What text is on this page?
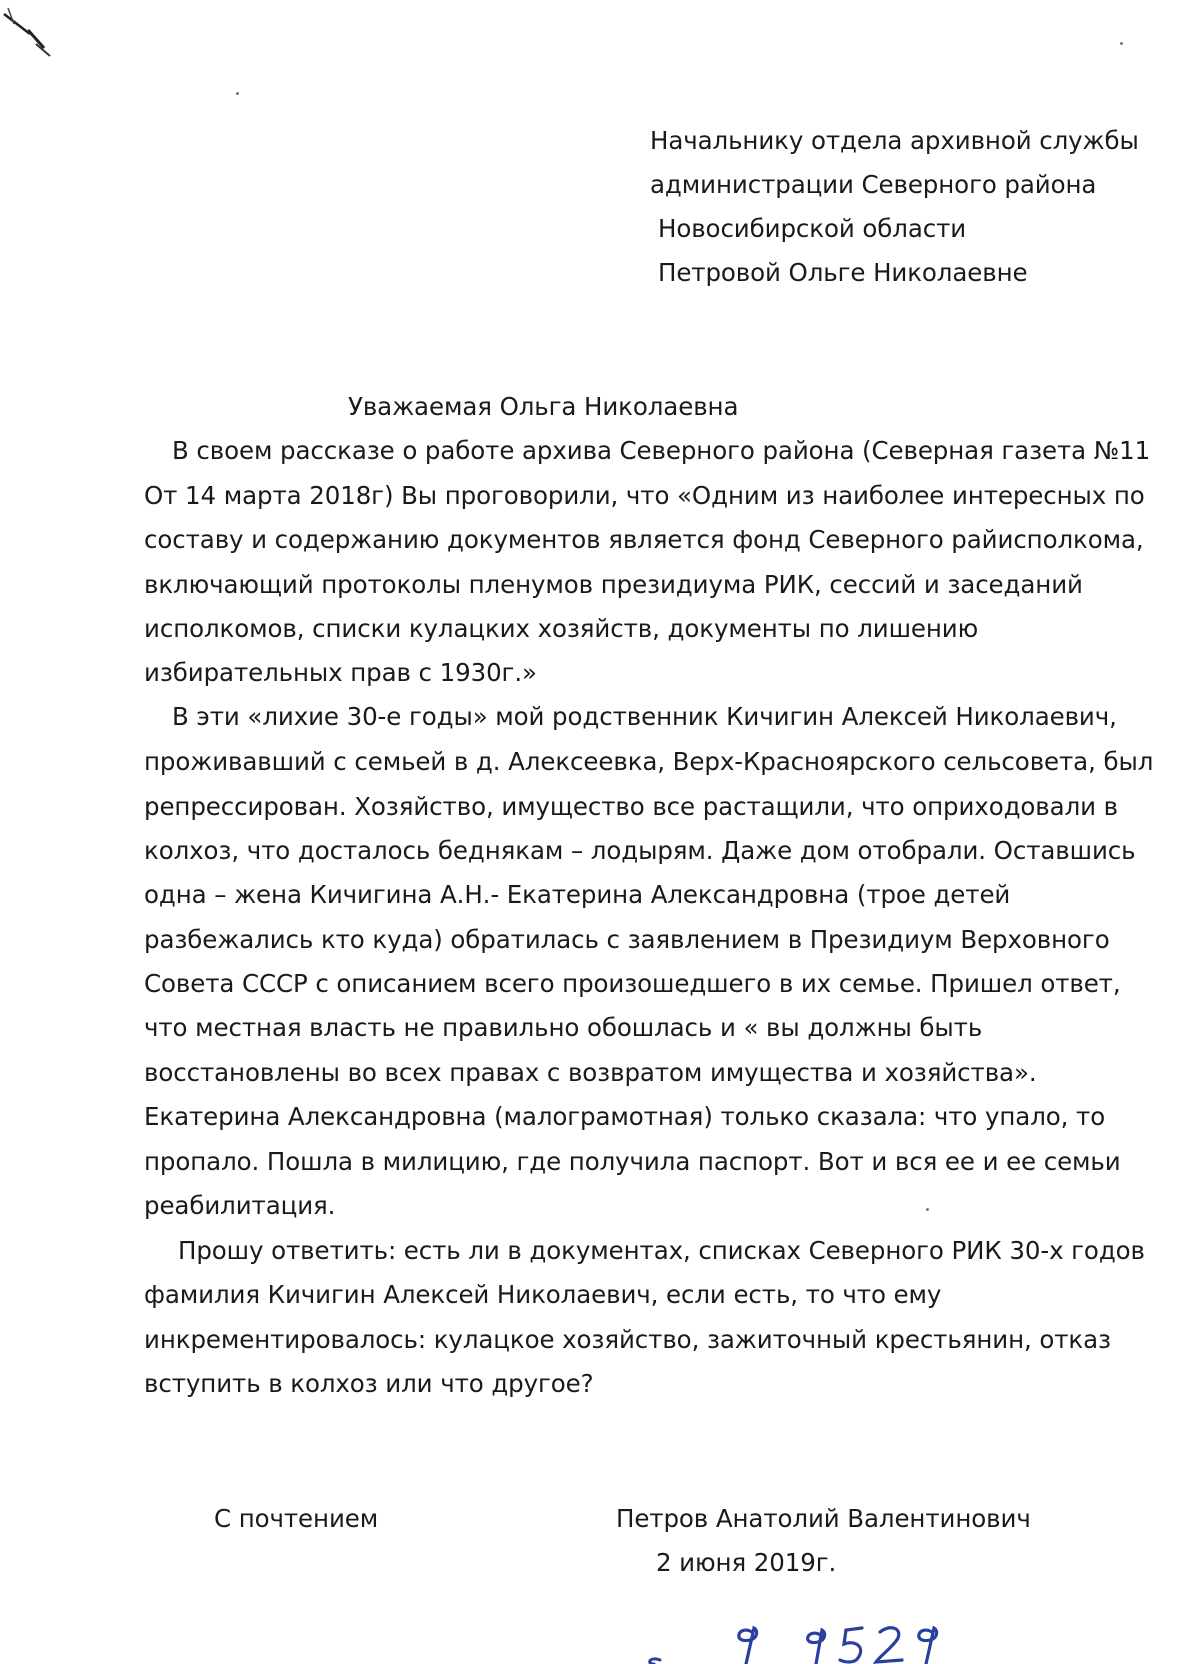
Начальнику отдела архивной службы
администрации Северного района
Новосибирской области
Петровой Ольге Николаевне
Уважаемая Ольга Николаевна
В своем рассказе о работе архива Северного района (Северная газета №11
От 14 марта 2018г) Вы проговорили, что «Одним из наиболее интересных по
составу и содержанию документов является фонд Северного райисполкома,
включающий протоколы пленумов президиума РИК, сессий и заседаний
исполкомов, списки кулацких хозяйств, документы по лишению
избирательных прав с 1930г.»
В эти «лихие 30-е годы» мой родственник Кичигин Алексей Николаевич,
проживавший с семьей в д. Алексеевка, Верх-Красноярского сельсовета, был
репрессирован. Хозяйство, имущество все растащили, что оприходовали в
колхоз, что досталось беднякам – лодырям. Даже дом отобрали. Оставшись
одна – жена Кичигина А.Н.- Екатерина Александровна (трое детей
разбежались кто куда) обратилась с заявлением в Президиум Верховного
Совета СССР с описанием всего произошедшего в их семье. Пришел ответ,
что местная власть не правильно обошлась и « вы должны быть
восстановлены во всех правах с возвратом имущества и хозяйства».
Екатерина Александровна (малограмотная) только сказала: что упало, то
пропало. Пошла в милицию, где получила паспорт. Вот и вся ее и ее семьи
реабилитация.
Прошу ответить: есть ли в документах, списках Северного РИК 30-х годов
фамилия Кичигин Алексей Николаевич, если есть, то что ему
инкрементировалось: кулацкое хозяйство, зажиточный крестьянин, отказ
вступить в колхоз или что другое?
С почтением	Петров Анатолий Валентинович
2 июня 2019г.
